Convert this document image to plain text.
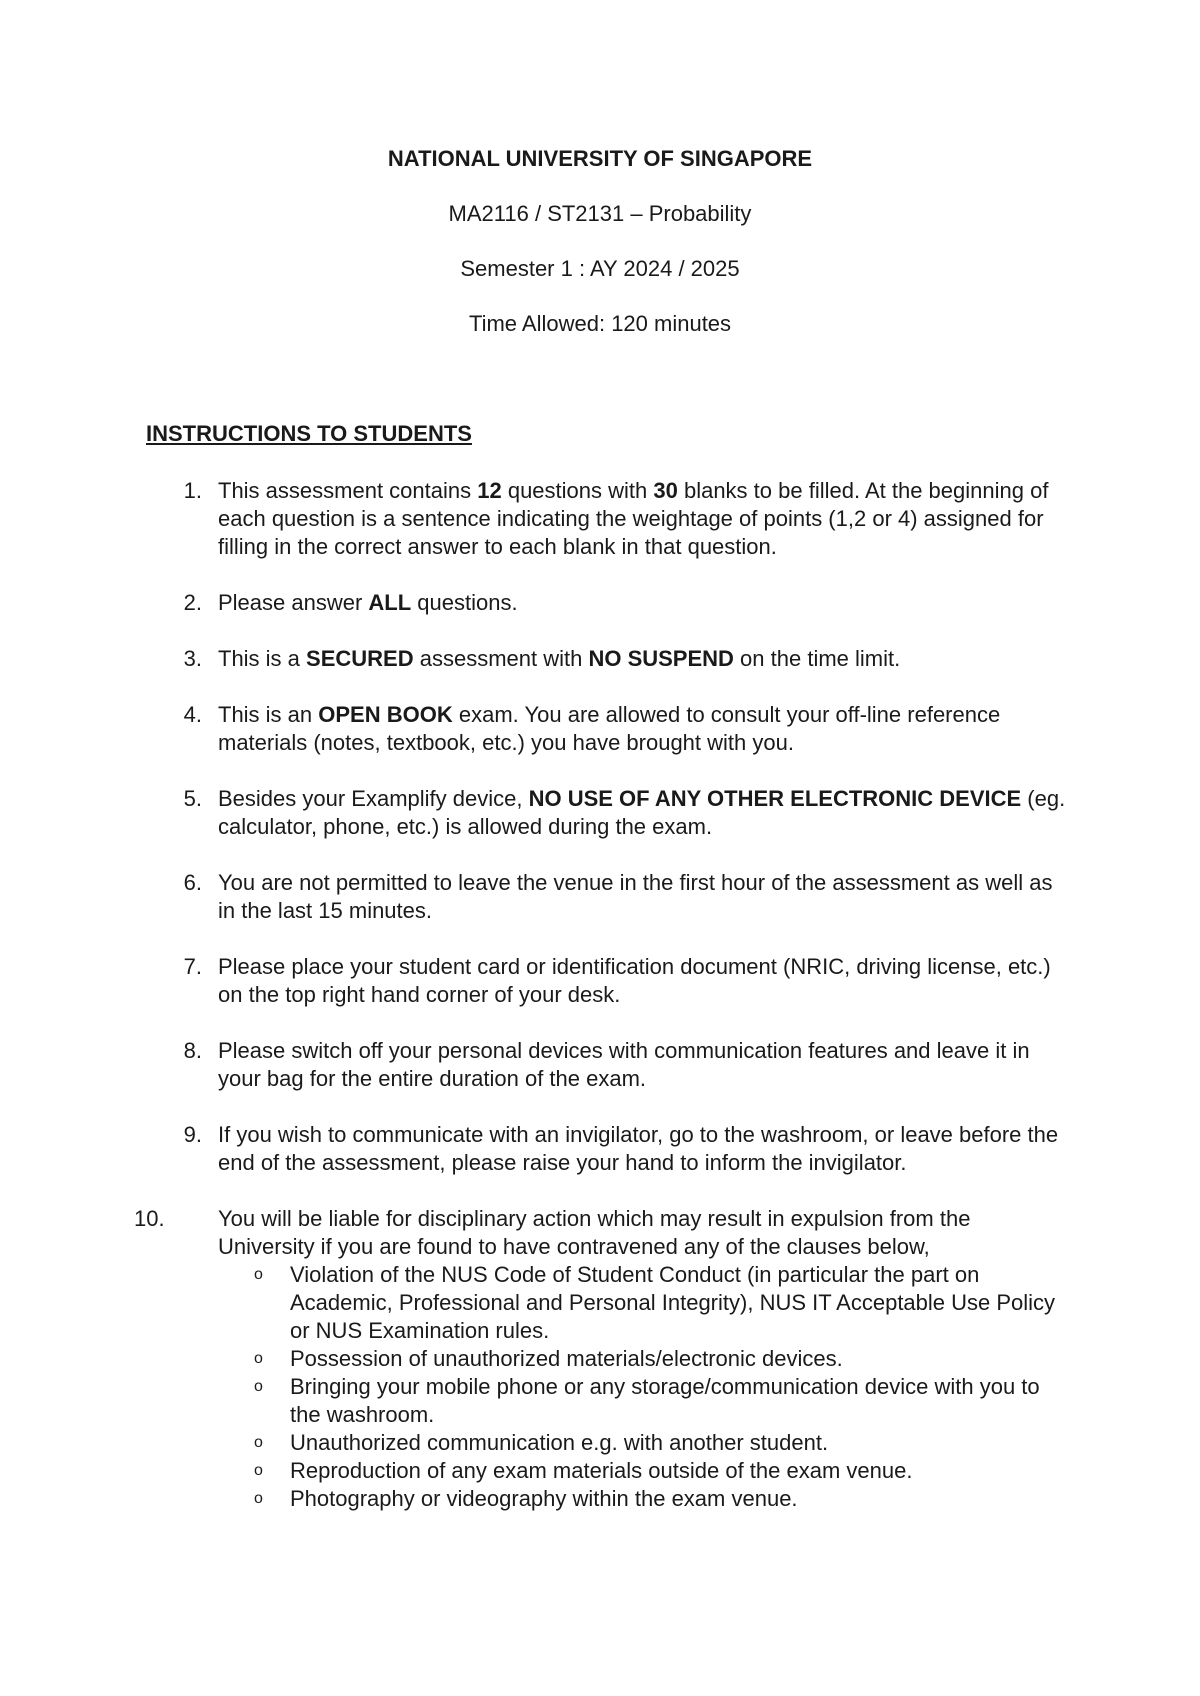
NATIONAL UNIVERSITY OF SINGAPORE

MA2116 / ST2131 – Probability

Semester 1 : AY 2024 / 2025

Time Allowed: 120 minutes

INSTRUCTIONS TO STUDENTS
1. This assessment contains 12 questions with 30 blanks to be filled. At the beginning of each question is a sentence indicating the weightage of points (1,2 or 4) assigned for filling in the correct answer to each blank in that question.
2. Please answer ALL questions.
3. This is a SECURED assessment with NO SUSPEND on the time limit.
4. This is an OPEN BOOK exam. You are allowed to consult your off-line reference materials (notes, textbook, etc.) you have brought with you.
5. Besides your Examplify device, NO USE OF ANY OTHER ELECTRONIC DEVICE (eg. calculator, phone, etc.) is allowed during the exam.
6. You are not permitted to leave the venue in the first hour of the assessment as well as in the last 15 minutes.
7. Please place your student card or identification document (NRIC, driving license, etc.) on the top right hand corner of your desk.
8. Please switch off your personal devices with communication features and leave it in your bag for the entire duration of the exam.
9. If you wish to communicate with an invigilator, go to the washroom, or leave before the end of the assessment, please raise your hand to inform the invigilator.
10.	You will be liable for disciplinary action which may result in expulsion from the University if you are found to have contravened any of the clauses below,
o Violation of the NUS Code of Student Conduct (in particular the part on Academic, Professional and Personal Integrity), NUS IT Acceptable Use Policy or NUS Examination rules.
o Possession of unauthorized materials/electronic devices.
o Bringing your mobile phone or any storage/communication device with you to the washroom.
o Unauthorized communication e.g. with another student.
o Reproduction of any exam materials outside of the exam venue.
o Photography or videography within the exam venue.
